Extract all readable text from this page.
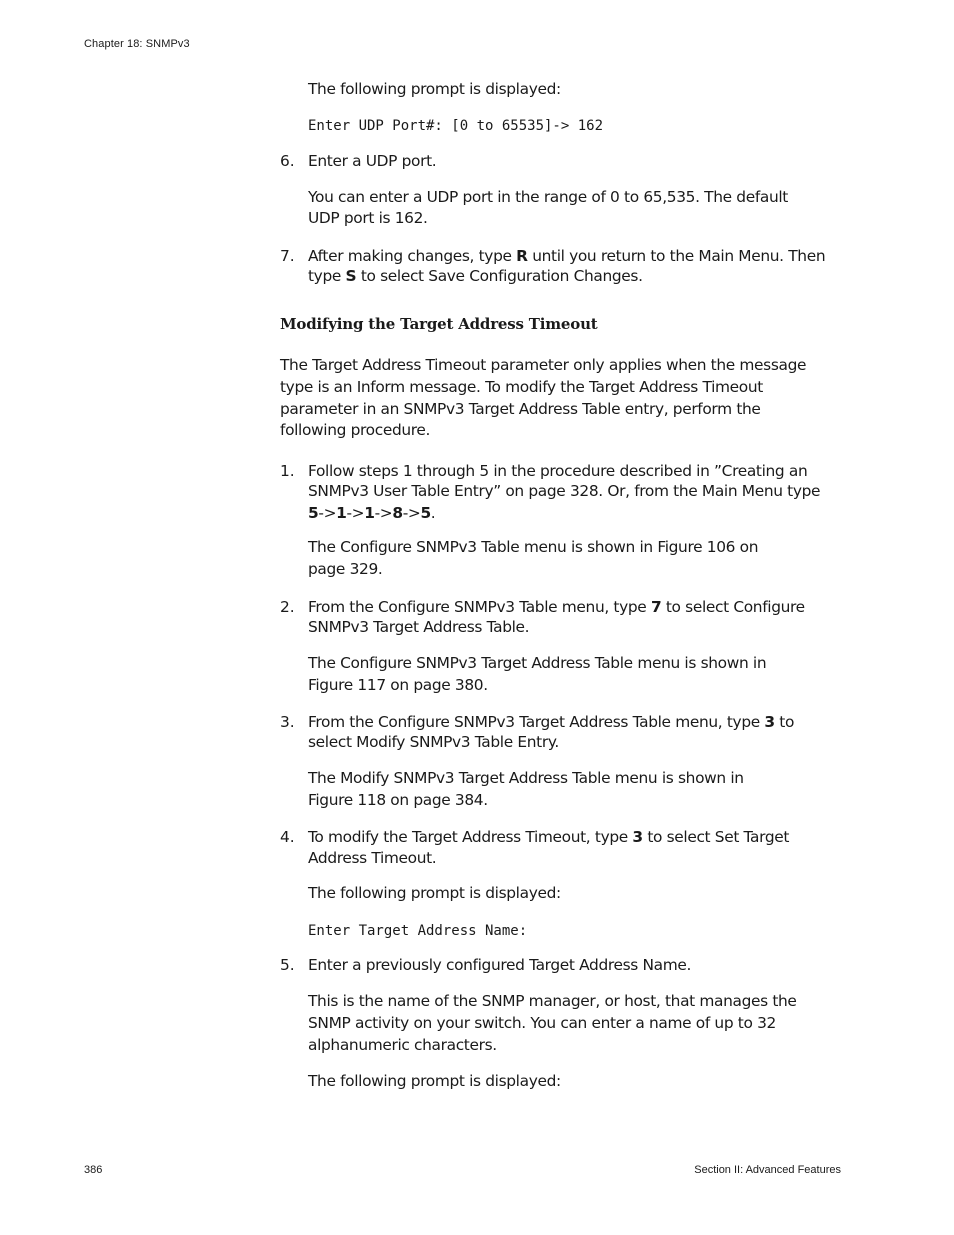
Chapter 18: SNMPv3

The following prompt is displayed:

Enter UDP Port#: [0 to 65535]-> 162

6. Enter a UDP port.

You can enter a UDP port in the range of 0 to 65,535. The default

UDP port is 162.

7. After making changes, type R until you return to the Main Menu. Then

type S to select Save Configuration Changes.

Modifying the Target Address Timeout

The Target Address Timeout parameter only applies when the message

type is an Inform message. To modify the Target Address Timeout

parameter in an SNMPv3 Target Address Table entry, perform the

following procedure.

1. Follow steps 1 through 5 in the procedure described in ”Creating an

SNMPv3 User Table Entry” on page 328. Or, from the Main Menu type

5->1->1->8->5.

The Configure SNMPv3 Table menu is shown in Figure 106 on

page 329.

2. From the Configure SNMPv3 Table menu, type 7 to select Configure

SNMPv3 Target Address Table.

The Configure SNMPv3 Target Address Table menu is shown in

Figure 117 on page 380.

3. From the Configure SNMPv3 Target Address Table menu, type 3 to

select Modify SNMPv3 Table Entry.

The Modify SNMPv3 Target Address Table menu is shown in

Figure 118 on page 384.

4. To modify the Target Address Timeout, type 3 to select Set Target

Address Timeout.

The following prompt is displayed:

Enter Target Address Name:

5. Enter a previously configured Target Address Name.

This is the name of the SNMP manager, or host, that manages the

SNMP activity on your switch. You can enter a name of up to 32

alphanumeric characters.

The following prompt is displayed:

386	Section II: Advanced Features
